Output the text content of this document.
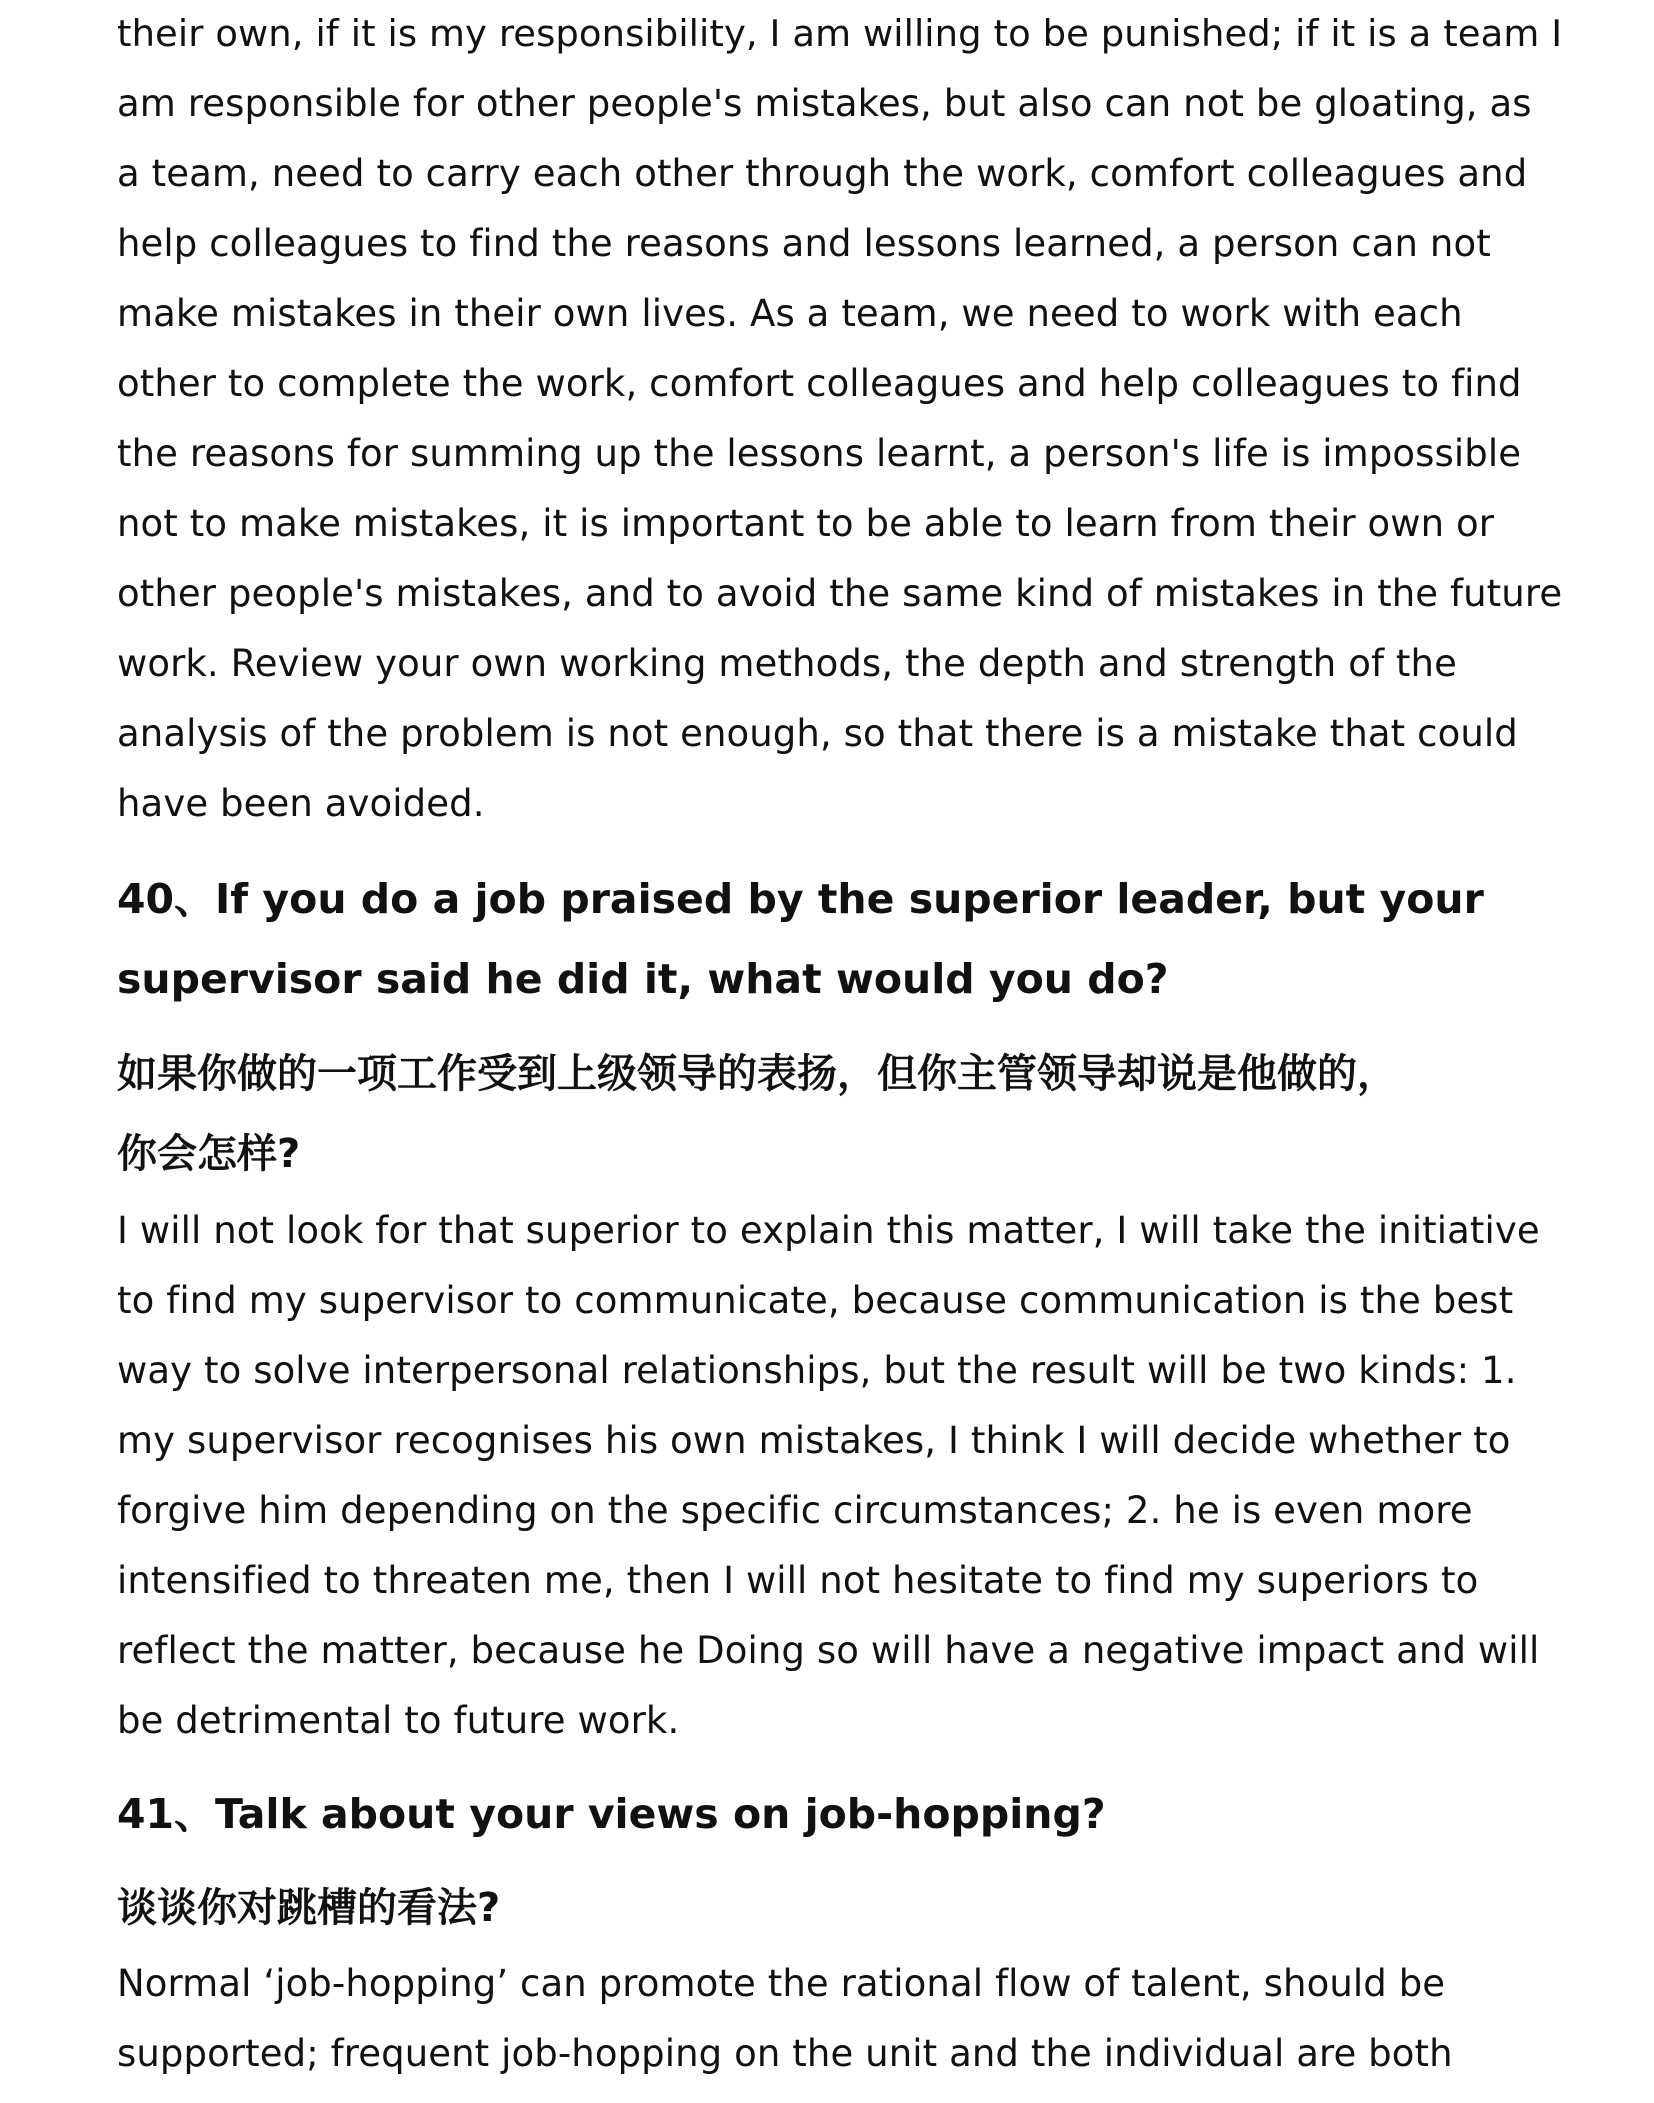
their own, if it is my responsibility, I am willing to be punished; if it is a team I
am responsible for other people's mistakes, but also can not be gloating, as
a team, need to carry each other through the work, comfort colleagues and
help colleagues to find the reasons and lessons learned, a person can not
make mistakes in their own lives. As a team, we need to work with each
other to complete the work, comfort colleagues and help colleagues to find
the reasons for summing up the lessons learnt, a person's life is impossible
not to make mistakes, it is important to be able to learn from their own or
other people's mistakes, and to avoid the same kind of mistakes in the future
work. Review your own working methods, the depth and strength of the
analysis of the problem is not enough, so that there is a mistake that could
have been avoided.
40、If you do a job praised by the superior leader, but your
supervisor said he did it, what would you do?
如果你做的一项工作受到上级领导的表扬，但你主管领导却说是他做的，
你会怎样?
I will not look for that superior to explain this matter, I will take the initiative
to find my supervisor to communicate, because communication is the best
way to solve interpersonal relationships, but the result will be two kinds: 1.
my supervisor recognises his own mistakes, I think I will decide whether to
forgive him depending on the specific circumstances; 2. he is even more
intensified to threaten me, then I will not hesitate to find my superiors to
reflect the matter, because he Doing so will have a negative impact and will
be detrimental to future work.
41、Talk about your views on job-hopping?
谈谈你对跳槽的看法?
Normal ‘job-hopping’ can promote the rational flow of talent, should be
supported; frequent job-hopping on the unit and the individual are both
